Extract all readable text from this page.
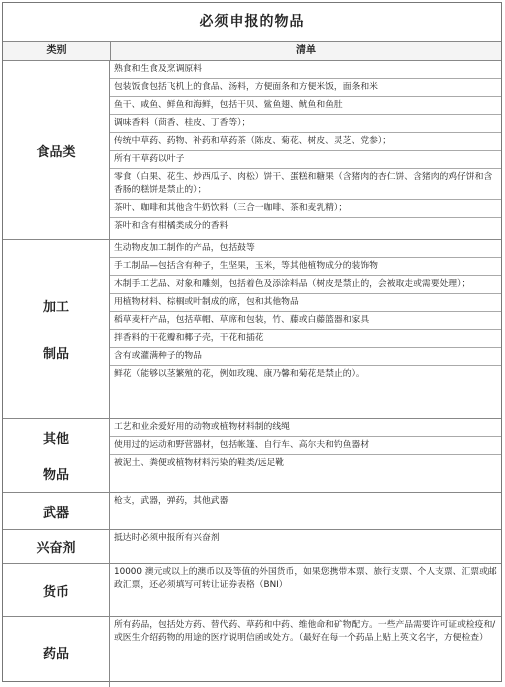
必须申报的物品
类别	清单
食品类
熟食和生食及烹调原料
包装饭食包括飞机上的食品、汤料，方便面条和方便米饭，面条和米
鱼干、咸鱼、鲜鱼和海鲜，包括干贝、鲨鱼翅、鱿鱼和鱼肚
调味香料（茴香、桂皮、丁香等）；
传统中草药、药物、补药和草药茶（陈皮、菊花、树皮、灵芝、党参）；
所有干草药以叶子
零食（白果、花生、炒西瓜子、肉松）饼干、蛋糕和糖果（含猪肉的杏仁饼、含猪肉的鸡仔饼和含香肠的糕饼是禁止的）；
茶叶、咖啡和其他含牛奶饮料（三合一咖啡、茶和麦乳精）；
茶叶和含有柑橘类成分的香料
加工
制品
生动物皮加工制作的产品，包括鼓等
手工制品—包括含有种子，生坚果，玉米，等其他植物成分的装饰物
木制手工艺品、对象和雕刻，包括着色及添涂料品（树皮是禁止的，会被取走或需要处理）；
用植物材料、棕榈或叶制成的席，包和其他物品
稻草麦杆产品，包括草帽、草席和包装，竹、藤或白藤篮器和家具
拌香料的干花瓣和椰子壳，干花和插花
含有或灌满种子的物品
鲜花（能够以茎繁殖的花，例如玫瑰、康乃馨和菊花是禁止的）。
其他
物品
工艺和业余爱好用的动物或植物材料制的线绳
使用过的运动和野营器材，包括帐篷、自行车、高尔夫和钓鱼器材
被泥土、粪便或植物材料污染的鞋类/远足靴
武器
枪支，武器，弹药，其他武器
兴奋剂
抵达时必须申报所有兴奋剂
货币
10000 澳元或以上的澳币以及等值的外国货币，如果您携带本票、旅行支票、个人支票、汇票或邮政汇票，还必须填写可转让证券表格（BNI）
药品
所有药品，包括处方药、替代药、草药和中药、维他命和矿物配方。一些产品需要许可证或检疫和/或医生介绍药物的用途的医疗说明信函或处方。（最好在每一个药品上贴上英文名字，方便检查）
